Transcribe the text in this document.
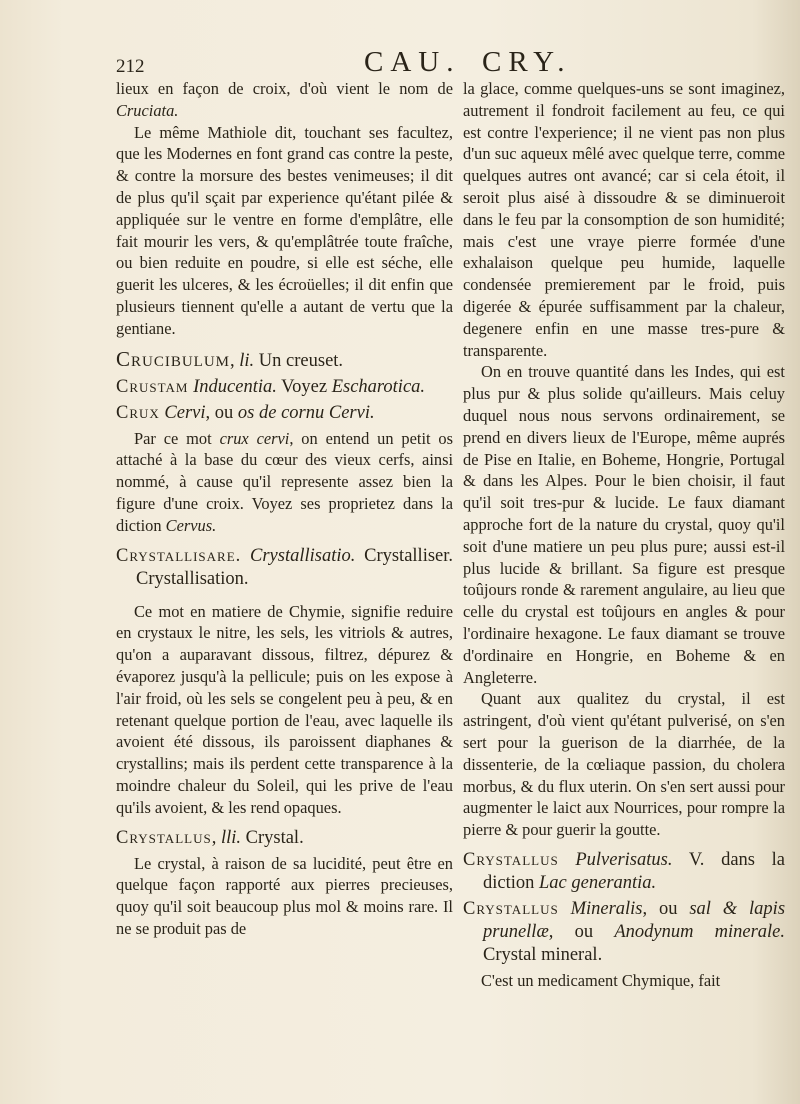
212	CAU. CRY.

lieux en façon de croix, d'où vient le nom de Cruciata.

Le même Mathiole dit, touchant ses facultez, que les Modernes en font grand cas contre la peste, & contre la morsure des bestes venimeuses; il dit de plus qu'il sçait par experience qu'étant pilée & appliquée sur le ventre en forme d'emplâtre, elle fait mourir les vers, & qu'emplâtrée toute fraîche, ou bien reduite en poudre, si elle est séche, elle guerit les ulceres, & les écroüelles; il dit enfin que plusieurs tiennent qu'elle a autant de vertu que la gentiane.

Crucibulum, li. Un creuset.

Crustam Inducentia. Voyez Escharotica.

Crux Cervi, ou os de cornu Cervi.

Par ce mot crux cervi, on entend un petit os attaché à la base du cœur des vieux cerfs, ainsi nommé, à cause qu'il represente assez bien la figure d'une croix. Voyez ses proprietez dans la diction Cervus.

Crystallisare. Crystallisatio. Crystalliser. Crystallisation.

Ce mot en matiere de Chymie, signifie reduire en crystaux le nitre, les sels, les vitriols & autres, qu'on a auparavant dissous, filtrez, dépurez & évaporez jusqu'à la pellicule; puis on les expose à l'air froid, où les sels se congelent peu à peu, & en retenant quelque portion de l'eau, avec laquelle ils avoient été dissous, ils paroissent diaphanes & crystallins; mais ils perdent cette transparence à la moindre chaleur du Soleil, qui les prive de l'eau qu'ils avoient, & les rend opaques.

Crystallus, lli. Crystal.

Le crystal, à raison de sa lucidité, peut être en quelque façon rapporté aux pierres precieuses, quoy qu'il soit beaucoup plus mol & moins rare. Il ne se produit pas de

la glace, comme quelques-uns se sont imaginez, autrement il fondroit facilement au feu, ce qui est contre l'experience; il ne vient pas non plus d'un suc aqueux mêlé avec quelque terre, comme quelques autres ont avancé; car si cela étoit, il seroit plus aisé à dissoudre & se diminueroit dans le feu par la consomption de son humidité; mais c'est une vraye pierre formée d'une exhalaison quelque peu humide, laquelle condensée premierement par le froid, puis digerée & épurée suffisamment par la chaleur, degenere enfin en une masse tres-pure & transparente.

On en trouve quantité dans les Indes, qui est plus pur & plus solide qu'ailleurs. Mais celuy duquel nous nous servons ordinairement, se prend en divers lieux de l'Europe, même auprés de Pise en Italie, en Boheme, Hongrie, Portugal & dans les Alpes. Pour le bien choisir, il faut qu'il soit tres-pur & lucide. Le faux diamant approche fort de la nature du crystal, quoy qu'il soit d'une matiere un peu plus pure; aussi est-il plus lucide & brillant. Sa figure est presque toûjours ronde & rarement angulaire, au lieu que celle du crystal est toûjours en angles & pour l'ordinaire hexagone. Le faux diamant se trouve d'ordinaire en Hongrie, en Boheme & en Angleterre.

Quant aux qualitez du crystal, il est astringent, d'où vient qu'étant pulverisé, on s'en sert pour la guerison de la diarrhée, de la dissenterie, de la cœliaque passion, du cholera morbus, & du flux uterin. On s'en sert aussi pour augmenter le laict aux Nourrices, pour rompre la pierre & pour guerir la goutte.

Crystallus Pulverisatus. V. dans la diction Lac generantia.

Crystallus Mineralis, ou sal & lapis prunellæ, ou Anodynum minerale. Crystal mineral.

C'est un medicament Chymique, fait
